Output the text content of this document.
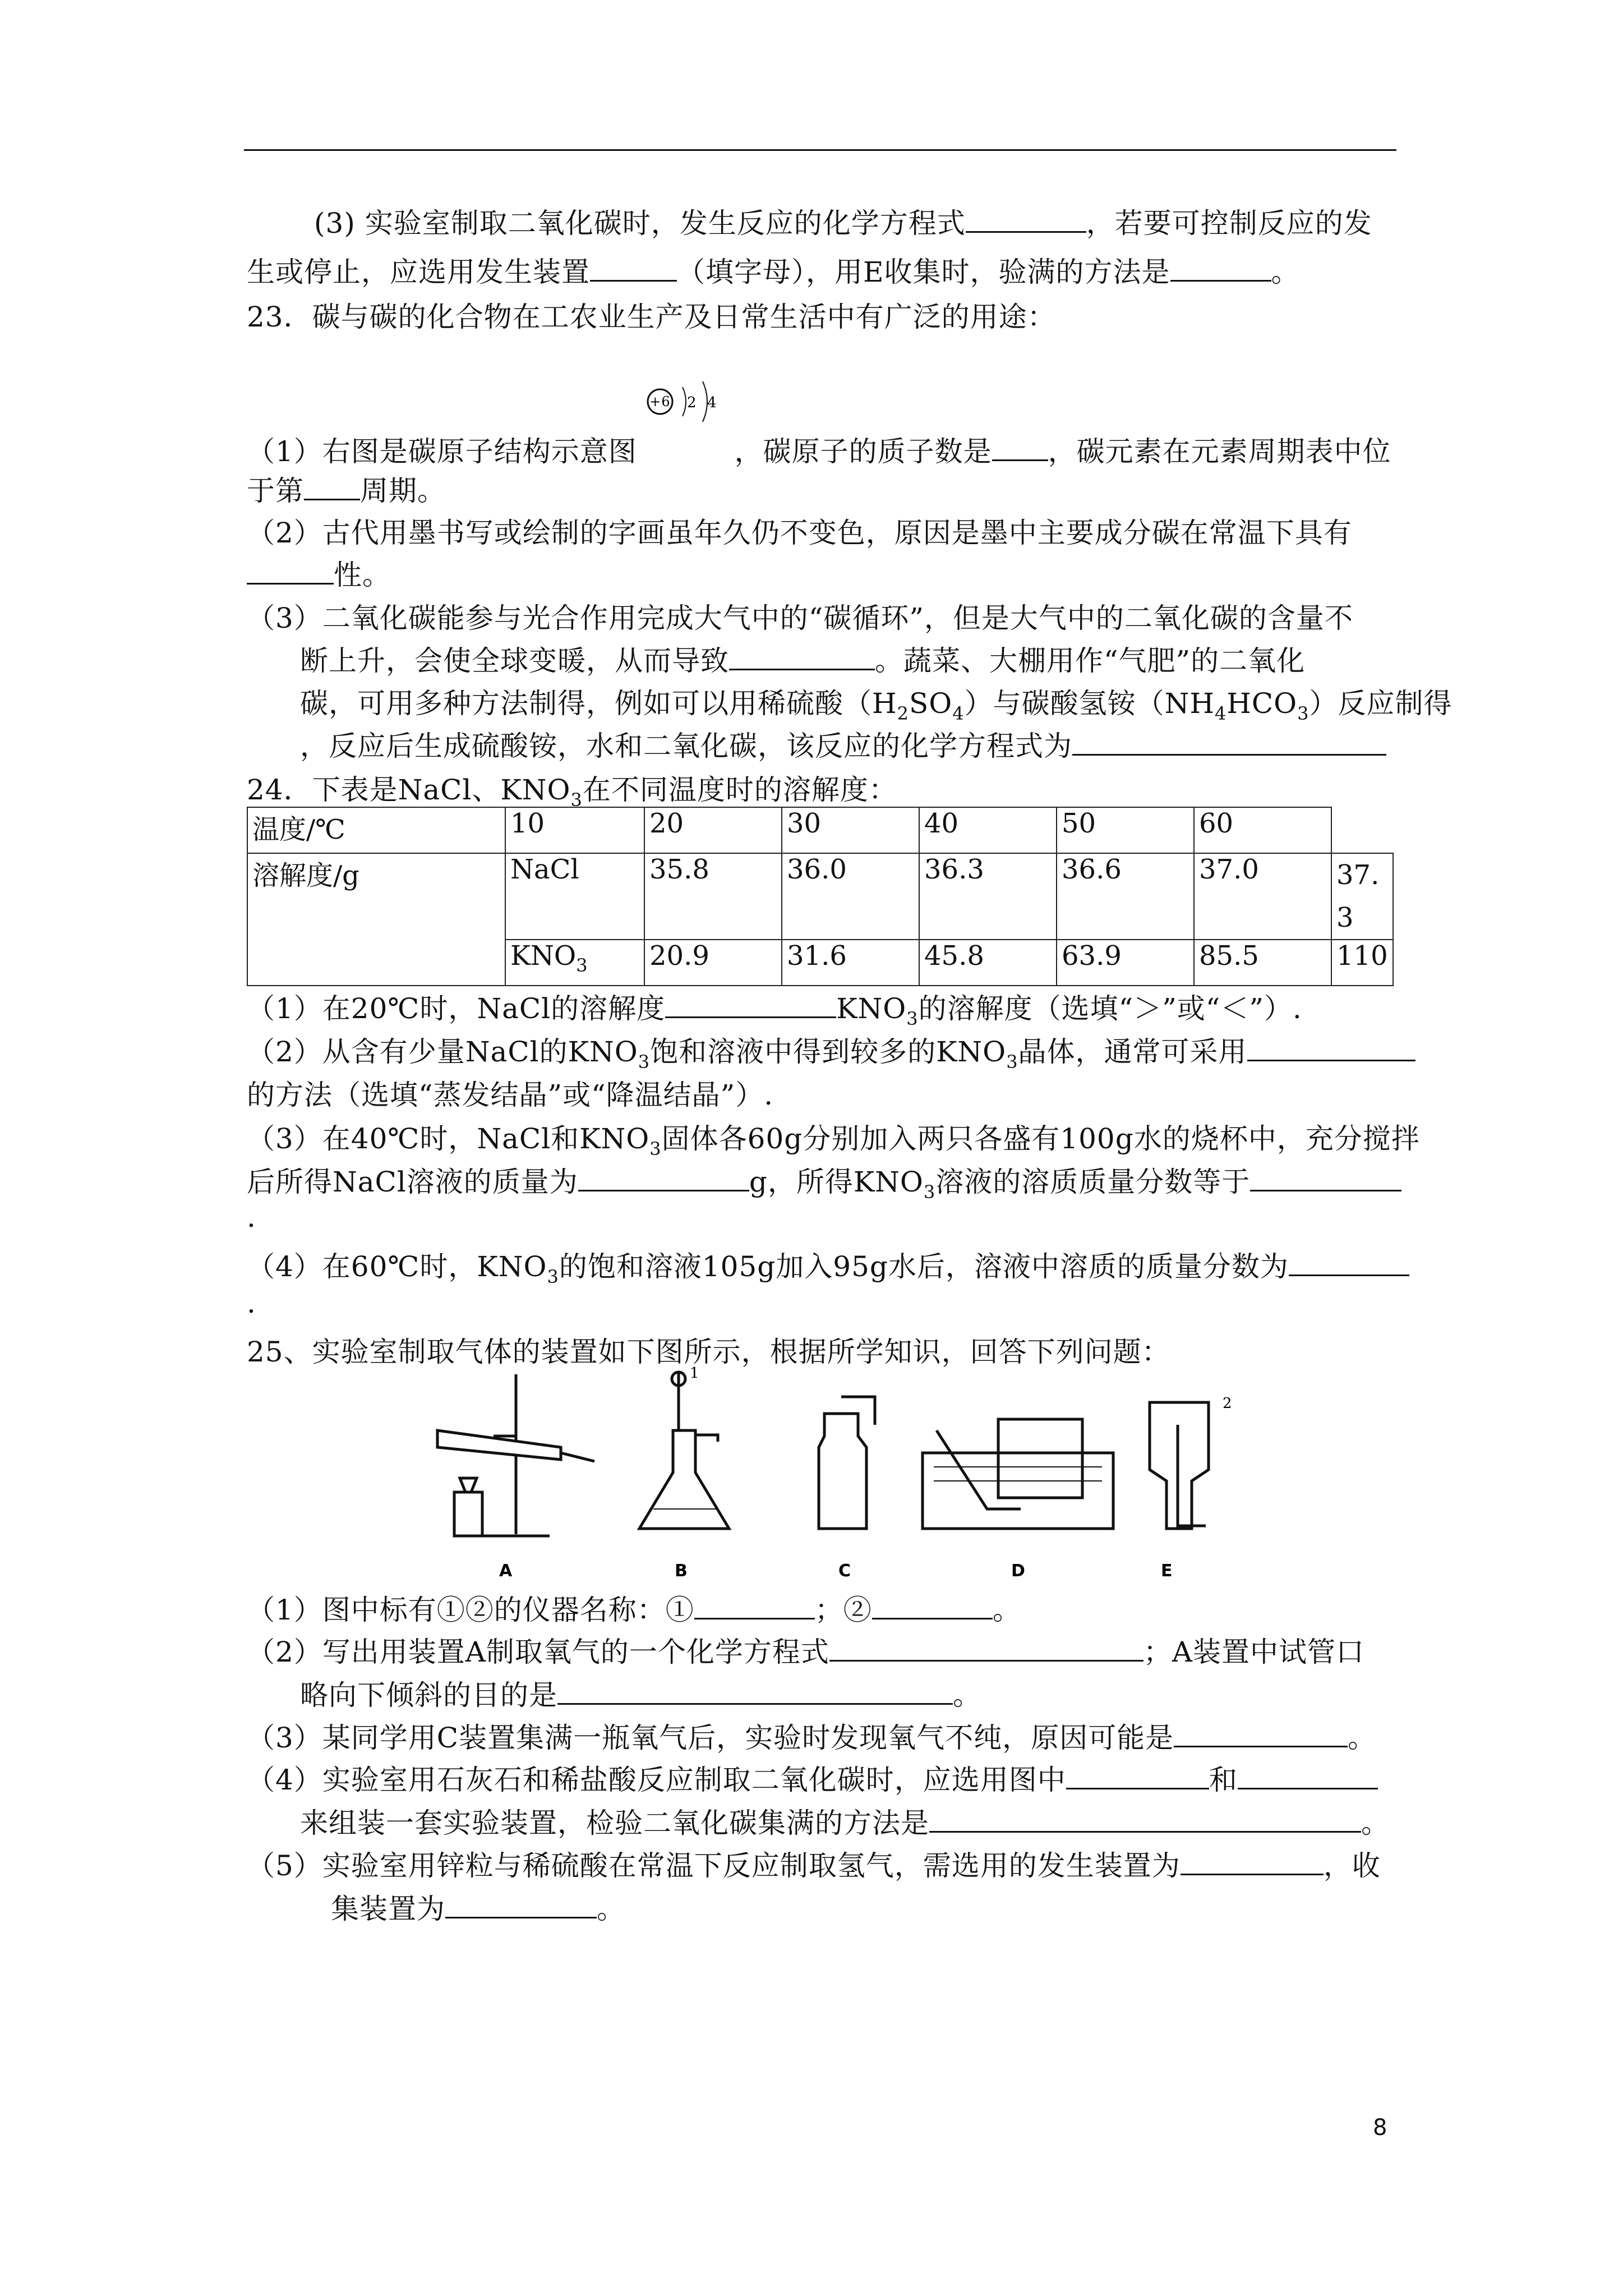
(3) 实验室制取二氧化碳时，发生反应的化学方程式	，若要可控制反应的发
生或停止，应选用发生装置	（填字母），用E收集时，验满的方法是	。
23．碳与碳的化合物在工农业生产及日常生活中有广泛的用途：
（1）右图是碳原子结构示意图
+6 2 4
，碳原子的质子数是 ，碳元素在元素周期表中位
于第 周期。
（2）古代用墨书写或绘制的字画虽年久仍不变色，原因是墨中主要成分碳在常温下具有
性。
（3）二氧化碳能参与光合作用完成大气中的“碳循环”，但是大气中的二氧化碳的含量不
断上升，会使全球变暖，从而导致	。蔬菜、大棚用作“气肥”的二氧化
碳，可用多种方法制得，例如可以用稀硫酸$(H_2SO_4)$与碳酸氢铵$(NH_4HCO_3)$反应制得
，反应后生成硫酸铵，水和二氧化碳，该反应的化学方程式为
24．下表是NaCl、$KNO_3$在不同温度时的溶解度：
温度/℃	10	20	30	40	50	60	
溶解度/g	NaCl	35.8	36.0	36.3	36.6	37.0	37.3
	$KNO_3$	20.9	31.6	45.8	63.9	85.5	110
（1）在20℃时，NaCl的溶解度	$KNO_3$的溶解度（选填“＞”或“＜”）.
（2）从含有少量NaCl的$KNO_3$饱和溶液中得到较多的$KNO_3$晶体，通常可采用
的方法（选填“蒸发结晶”或“降温结晶”）.
（3）在40℃时，NaCl和$KNO_3$固体各60g分别加入两只各盛有100g水的烧杯中，充分搅拌
后所得NaCl溶液的质量为	g，所得$KNO_3$溶液的溶质质量分数等于
.
（4）在60℃时，$KNO_3$的饱和溶液105g加入95g水后，溶液中溶质的质量分数为
.
25、实验室制取气体的装置如下图所示，根据所学知识，回答下列问题：
1
2
A	B	C	D	E
（1）图中标有①②的仪器名称：①	；②	。
（2）写出用装置A制取氧气的一个化学方程式	；A装置中试管口
略向下倾斜的目的是	。
（3）某同学用C装置集满一瓶氧气后，实验时发现氧气不纯，原因可能是	。
（4）实验室用石灰石和稀盐酸反应制取二氧化碳时，应选用图中	和
来组装一套实验装置，检验二氧化碳集满的方法是	。
（5）实验室用锌粒与稀硫酸在常温下反应制取氢气，需选用的发生装置为	，收
集装置为	。
8
